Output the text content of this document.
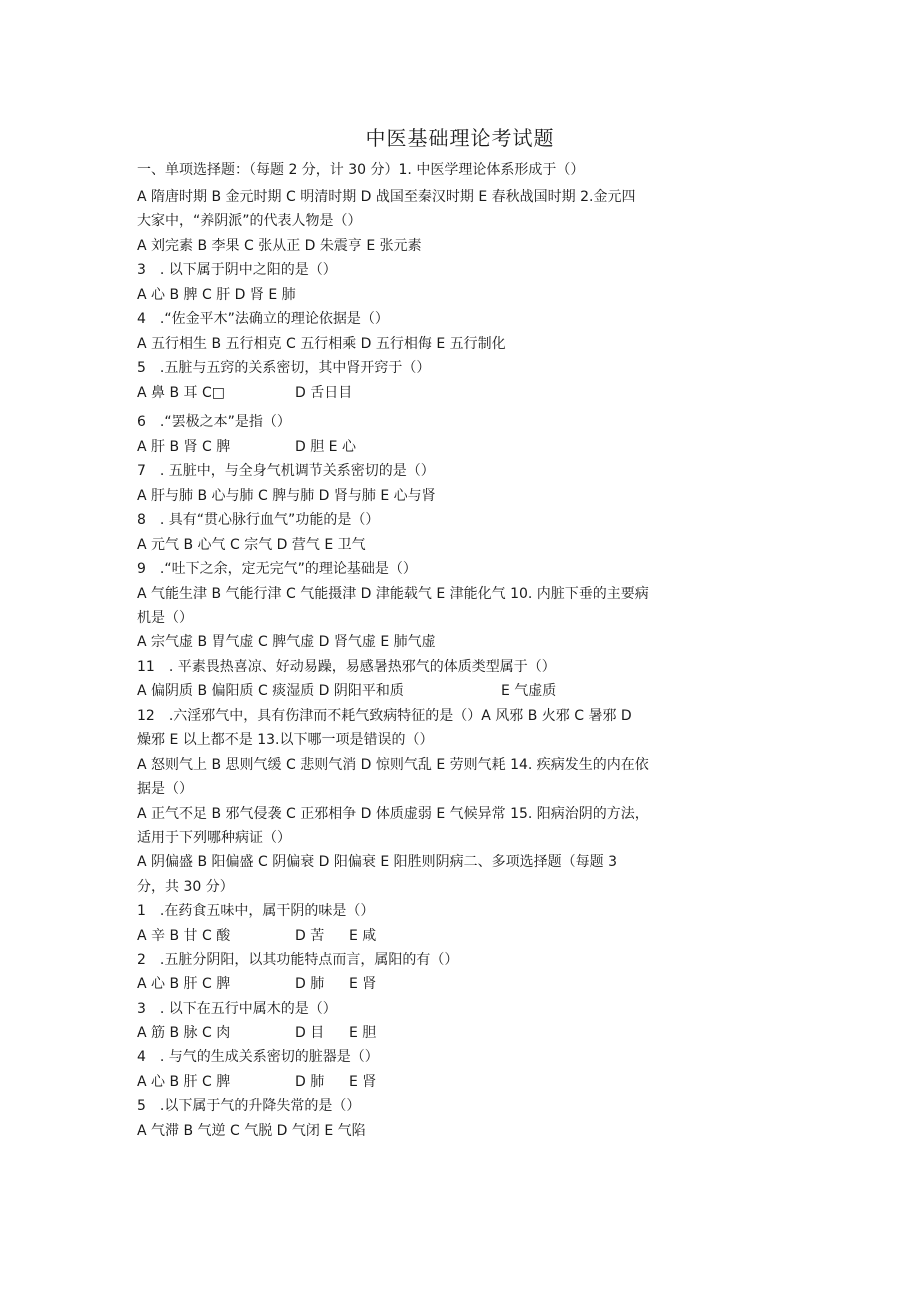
中医基础理论考试题
一、单项选择题：（每题 2 分，计 30 分）1. 中医学理论体系形成于（）
A 隋唐时期 B 金元时期 C 明清时期 D 战国至秦汉时期 E 春秋战国时期 2.金元四
大家中，“养阴派”的代表人物是（）
A 刘完素 B 李果 C 张从正 D 朱震亨 E 张元素
3　. 以下属于阴中之阳的是（）
A 心 B 脾 C 肝 D 肾 E 肺
4　.“佐金平木”法确立的理论依据是（）
A 五行相生 B 五行相克 C 五行相乘 D 五行相侮 E 五行制化
5　.五脏与五窍的关系密切，其中肾开窍于（）
A 鼻 B 耳 C□	D 舌日目
6　.“罢极之本”是指（）
A 肝 B 肾 C 脾	D 胆 E 心
7　. 五脏中，与全身气机调节关系密切的是（）
A 肝与肺 B 心与肺 C 脾与肺 D 肾与肺 E 心与肾
8　. 具有“贯心脉行血气”功能的是（）
A 元气 B 心气 C 宗气 D 营气 E 卫气
9　.“吐下之余，定无完气”的理论基础是（）
A 气能生津 B 气能行津 C 气能摄津 D 津能载气 E 津能化气 10. 内脏下垂的主要病
机是（）
A 宗气虚 B 胃气虚 C 脾气虚 D 肾气虚 E 肺气虚
11　. 平素畏热喜凉、好动易躁，易感暑热邪气的体质类型属于（）
A 偏阴质 B 偏阳质 C 痰湿质 D 阴阳平和质	E 气虚质
12　.六淫邪气中，具有伤津而不耗气致病特征的是（）A 风邪 B 火邪 C 暑邪 D
燥邪 E 以上都不是 13.以下哪一项是错误的（）
A 怒则气上 B 思则气缓 C 悲则气消 D 惊则气乱 E 劳则气耗 14. 疾病发生的内在依
据是（）
A 正气不足 B 邪气侵袭 C 正邪相争 D 体质虚弱 E 气候异常 15. 阳病治阴的方法，
适用于下列哪种病证（）
A 阴偏盛 B 阳偏盛 C 阴偏衰 D 阳偏衰 E 阳胜则阴病二、多项选择题（每题 3
分，共 30 分）
1　.在药食五味中，属干阴的味是（）
A 辛 B 甘 C 酸	D 苦 E 咸
2　.五脏分阴阳，以其功能特点而言，属阳的有（）
A 心 B 肝 C 脾	D 肺 E 肾
3　. 以下在五行中属木的是（）
A 筋 B 脉 C 肉	D 目 E 胆
4　. 与气的生成关系密切的脏器是（）
A 心 B 肝 C 脾	D 肺 E 肾
5　.以下属于气的升降失常的是（）
A 气滞 B 气逆 C 气脱 D 气闭 E 气陷
